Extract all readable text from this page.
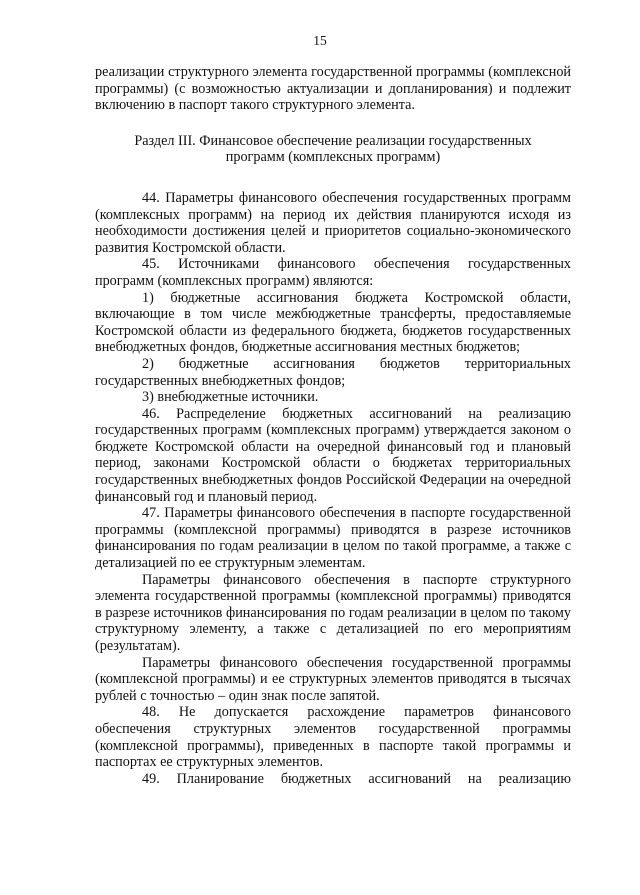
15

реализации структурного элемента государственной программы (комплексной программы) (с возможностью актуализации и допланирования) и подлежит включению в паспорт такого структурного элемента.

Раздел III. Финансовое обеспечение реализации государственных

программ (комплексных программ)

44. Параметры финансового обеспечения государственных программ (комплексных программ) на период их действия планируются исходя из необходимости достижения целей и приоритетов социально-экономического развития Костромской области.

45. Источниками финансового обеспечения государственных программ (комплексных программ) являются:

1) бюджетные ассигнования бюджета Костромской области, включающие в том числе межбюджетные трансферты, предоставляемые Костромской области из федерального бюджета, бюджетов государственных внебюджетных фондов, бюджетные ассигнования местных бюджетов;

2) бюджетные ассигнования бюджетов территориальных государственных внебюджетных фондов;

3) внебюджетные источники.

46. Распределение бюджетных ассигнований на реализацию государственных программ (комплексных программ) утверждается законом о бюджете Костромской области на очередной финансовый год и плановый период, законами Костромской области о бюджетах территориальных государственных внебюджетных фондов Российской Федерации на очередной финансовый год и плановый период.

47. Параметры финансового обеспечения в паспорте государственной программы (комплексной программы) приводятся в разрезе источников финансирования по годам реализации в целом по такой программе, а также с детализацией по ее структурным элементам.

Параметры финансового обеспечения в паспорте структурного элемента государственной программы (комплексной программы) приводятся в разрезе источников финансирования по годам реализации в целом по такому структурному элементу, а также с детализацией по его мероприятиям (результатам).

Параметры финансового обеспечения государственной программы (комплексной программы) и ее структурных элементов приводятся в тысячах рублей с точностью – один знак после запятой.

48. Не допускается расхождение параметров финансового обеспечения структурных элементов государственной программы (комплексной программы), приведенных в паспорте такой программы и паспортах ее структурных элементов.

49. Планирование бюджетных ассигнований на реализацию
